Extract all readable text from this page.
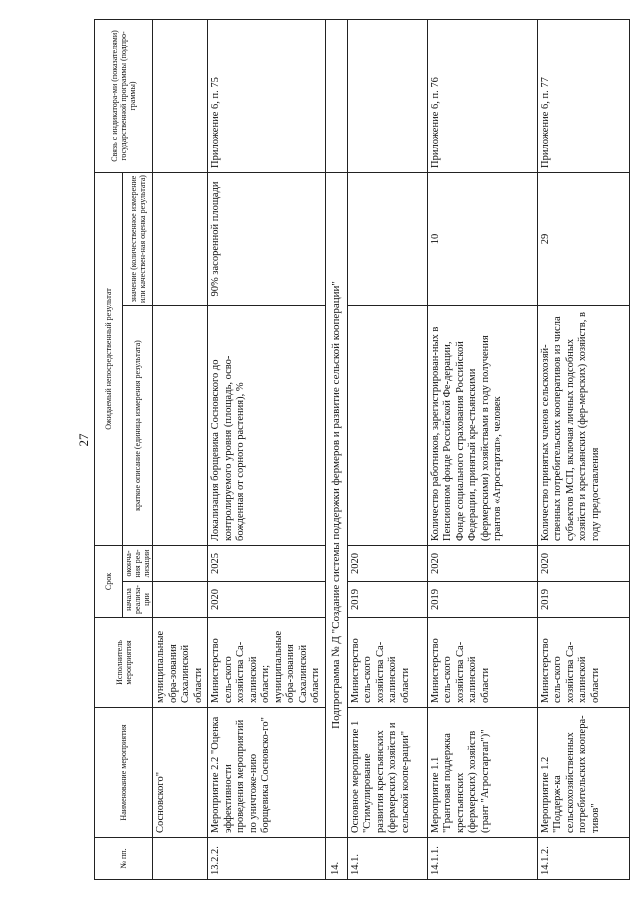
27
№ пп.	Наименование мероприятия	Исполнитель мероприятия	Срок		Ожидаемый непосредственный результат		Связь с индикатора-ми (показателями) государственной программы (подпро-граммы)
			начала реализа-ции	оконча-ния реа-лизации	краткое описание (единица измерения результата)	значение (количественное измерение или качествен-ная оценка результата)	
	Сосновского"	муниципальные обра-зования Сахалинской области					
13.2.2.	Мероприятие 2.2 "Оценка эффективности проведения мероприятий по уничтоже-нию борщевика Сосновско-го"	Министерство сель-ского хозяйства Са-халинской области; муниципальные обра-зования Сахалинской области	2020	2025	Локализация борщевика Сосновского до контролируемого уровня (площадь, осво-божденная от сорного растения), %	90% засоренной площади	Приложение 6, п. 75
14.	Подпрограмма № Д "Создание системы поддержки фермеров и развитие сельской кооперации"						
14.1.	Основное мероприятие 1 "Стимулирование развития крестьянских (фермерских) хозяйств и сельской коопе-рации"	Министерство сель-ского хозяйства Са-халинской области	2019	2020			
14.1.1.	Мероприятие 1.1 "Грантовая поддержка крестьянских (фермерских) хозяйств (грант "Агростартап")"	Министерство сель-ского хозяйства Са-халинской области	2019	2020	Количество работников, зарегистрирован-ных в Пенсионном фонде Российской Фе-дерации, Фонде социального страхования Российской Федерации, принятый кре-стьянскими (фермерскими) хозяйствами в году получения грантов «Агростартап», человек	10	Приложение 6, п. 76
14.1.2.	Мероприятие 1.2 "Поддерж-ка сельскохозяйственных потребительских коопера-тивов"	Министерство сель-ского хозяйства Са-халинской области	2019	2020	Количество принятых членов сельскохозяй-ственных потребительских кооперативов из числа субъектов МСП, включая личных подсобных хозяйств и крестьянских (фер-мерских) хозяйств, в году предоставления	29	Приложение 6, п. 77
